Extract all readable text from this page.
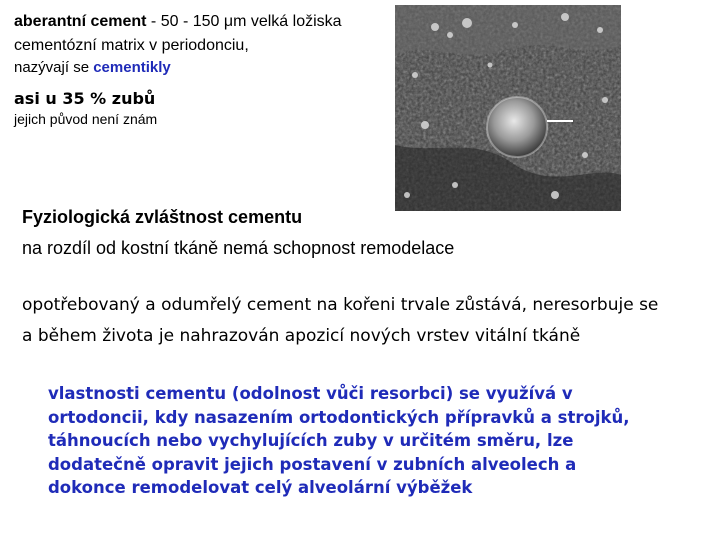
aberantní cement - 50 - 150 μm velká ložiska
cementózní matrix v periodonciu,
nazývají se cementikly
asi u 35 % zubů
jejich původ není znám
Fyziologická zvláštnost cementu
na rozdíl od kostní tkáně nemá schopnost remodelace
opotřebovaný a odumřelý cement na kořeni trvale zůstává, neresorbuje se
a během života je nahrazován apozicí nových vrstev vitální tkáně
vlastnosti cementu (odolnost vůči resorbci) se využívá v
ortodoncii, kdy nasazením ortodontických přípravků a strojků,
táhnoucích nebo vychylujících zuby v určitém směru, lze
dodatečně opravit jejich postavení v zubních alveolech a
dokonce remodelovat celý alveolární výběžek
